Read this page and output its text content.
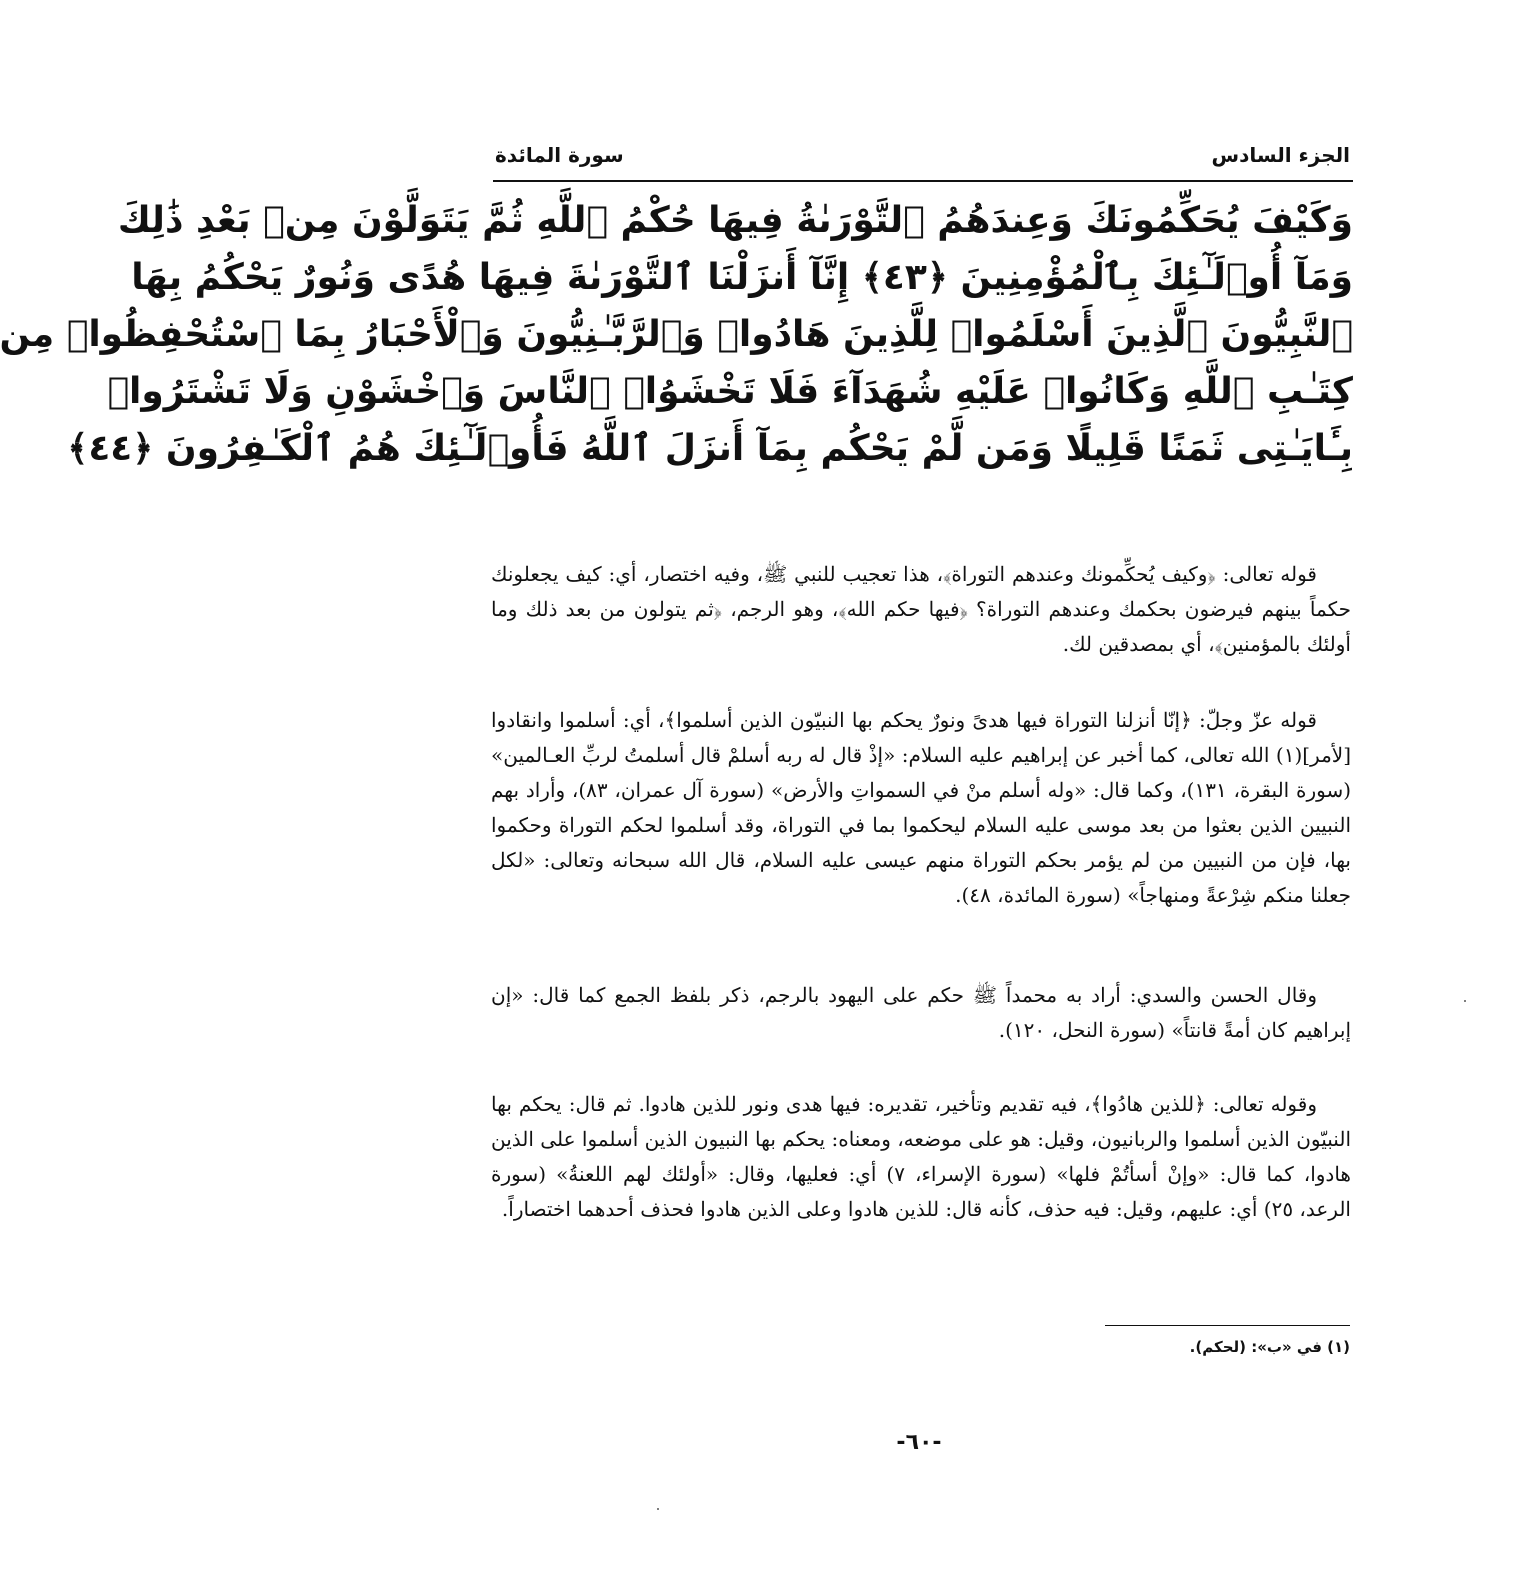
الجزء السادس
سورة المائدة
وَكَيْفَ يُحَكِّمُونَكَ وَعِندَهُمُ ٱلتَّوْرَىٰةُ فِيهَا حُكْمُ ٱللَّهِ ثُمَّ يَتَوَلَّوْنَ مِنۢ بَعْدِ ذَٰلِكَ
وَمَآ أُو۟لَـٰٓئِكَ بِٱلْمُؤْمِنِينَ ﴿٤٣﴾ إِنَّآ أَنزَلْنَا ٱلتَّوْرَىٰةَ فِيهَا هُدًى وَنُورٌ يَحْكُمُ بِهَا
ٱلنَّبِيُّونَ ٱلَّذِينَ أَسْلَمُوا۟ لِلَّذِينَ هَادُوا۟ وَٱلرَّبَّـٰنِيُّونَ وَٱلْأَحْبَارُ بِمَا ٱسْتُحْفِظُوا۟ مِن
كِتَـٰبِ ٱللَّهِ وَكَانُوا۟ عَلَيْهِ شُهَدَآءَ فَلَا تَخْشَوُا۟ ٱلنَّاسَ وَٱخْشَوْنِ وَلَا تَشْتَرُوا۟
بِـَٔايَـٰتِى ثَمَنًا قَلِيلًا وَمَن لَّمْ يَحْكُم بِمَآ أَنزَلَ ٱللَّهُ فَأُو۟لَـٰٓئِكَ هُمُ ٱلْكَـٰفِرُونَ ﴿٤٤﴾

قوله تعالى: ﴿وكيف يُحكِّمونك وعندهم التوراة﴾، هذا تعجيب للنبي ﷺ، وفيه اختصار، أي: كيف يجعلونك حكماً بينهم فيرضون بحكمك وعندهم التوراة؟ ﴿فيها حكم الله﴾، وهو الرجم، ﴿ثم يتولون من بعد ذلك وما أولئك بالمؤمنين﴾، أي بمصدقين لك.

قوله عزّ وجلّ: ﴿إنّا أنزلنا التوراة فيها هدىً ونورٌ يحكم بها النبيّون الذين أسلموا﴾، أي: أسلموا وانقادوا [لأمر](١) الله تعالى، كما أخبر عن إبراهيم عليه السلام: «إذْ قال له ربه أسلمْ قال أسلمتُ لربِّ العـالمين» (سورة البقرة، ١٣١)، وكما قال: «وله أسلم منْ في السمواتِ والأرض» (سورة آل عمران، ٨٣)، وأراد بهم النبيين الذين بعثوا من بعد موسى عليه السلام ليحكموا بما في التوراة، وقد أسلموا لحكم التوراة وحكموا بها، فإن من النبيين من لم يؤمر بحكم التوراة منهم عيسى عليه السلام، قال الله سبحانه وتعالى: «لكل جعلنا منكم شِرْعةً ومنهاجاً» (سورة المائدة، ٤٨).

وقال الحسن والسدي: أراد به محمداً ﷺ حكم على اليهود بالرجم، ذكر بلفظ الجمع كما قال: «إن إبراهيم كان أمةً قانتاً» (سورة النحل، ١٢٠).

وقوله تعالى: ﴿للذين هادُوا﴾، فيه تقديم وتأخير، تقديره: فيها هدى ونور للذين هادوا. ثم قال: يحكم بها النبيّون الذين أسلموا والربانيون، وقيل: هو على موضعه، ومعناه: يحكم بها النبيون الذين أسلموا على الذين هادوا، كما قال: «وإنْ أسأتُمْ فلها» (سورة الإسراء، ٧) أي: فعليها، وقال: «أولئك لهم اللعنةُ» (سورة الرعد، ٢٥) أي: عليهم، وقيل: فيه حذف، كأنه قال: للذين هادوا وعلى الذين هادوا فحذف أحدهما اختصاراً.

(١) في «ب»: (لحكم).
-٦٠-
